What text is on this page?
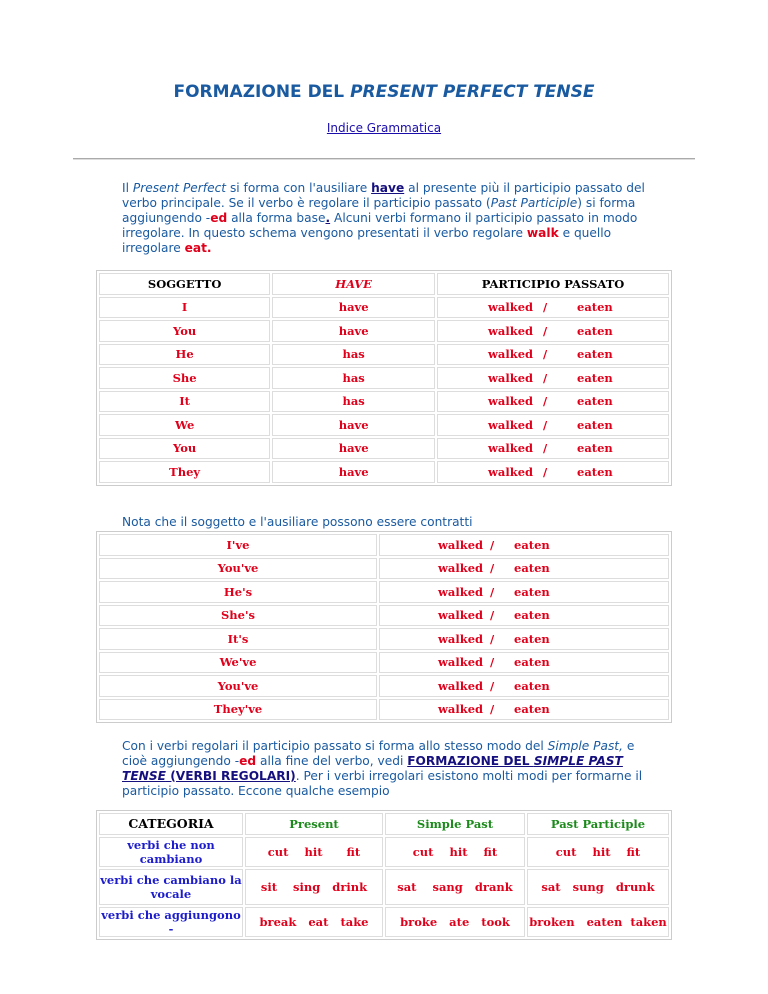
FORMAZIONE DEL PRESENT PERFECT TENSE
Indice Grammatica
Il Present Perfect si forma con l'ausiliare have al presente più il participio passato del verbo principale. Se il verbo è regolare il participio passato (Past Participle) si forma aggiungendo -ed alla forma base. Alcuni verbi formano il participio passato in modo irregolare. In questo schema vengono presentati il verbo regolare walk e quello irregolare eat.
SOGGETTO	HAVE	PARTICIPIO PASSATO
I	have	walked / eaten
You	have	walked / eaten
He	has	walked / eaten
She	has	walked / eaten
It	has	walked / eaten
We	have	walked / eaten
You	have	walked / eaten
They	have	walked / eaten
Nota che il soggetto e l'ausiliare possono essere contratti
I've	walked / eaten
You've	walked / eaten
He's	walked / eaten
She's	walked / eaten
It's	walked / eaten
We've	walked / eaten
You've	walked / eaten
They've	walked / eaten
Con i verbi regolari il participio passato si forma allo stesso modo del Simple Past, e cioè aggiungendo -ed alla fine del verbo, vedi FORMAZIONE DEL SIMPLE PAST TENSE (VERBI REGOLARI). Per i verbi irregolari esistono molti modi per formarne il participio passato. Eccone qualche esempio
CATEGORIA	Present	Simple Past	Past Participle
verbi che non cambiano	cut    hit      fit	cut    hit    fit	cut    hit    fit
verbi che cambiano la vocale	sit    sing   drink	sat    sang   drank	sat   sung   drunk
verbi che aggiungono -	break   eat   take	broke   ate   took	broken   eaten  taken
